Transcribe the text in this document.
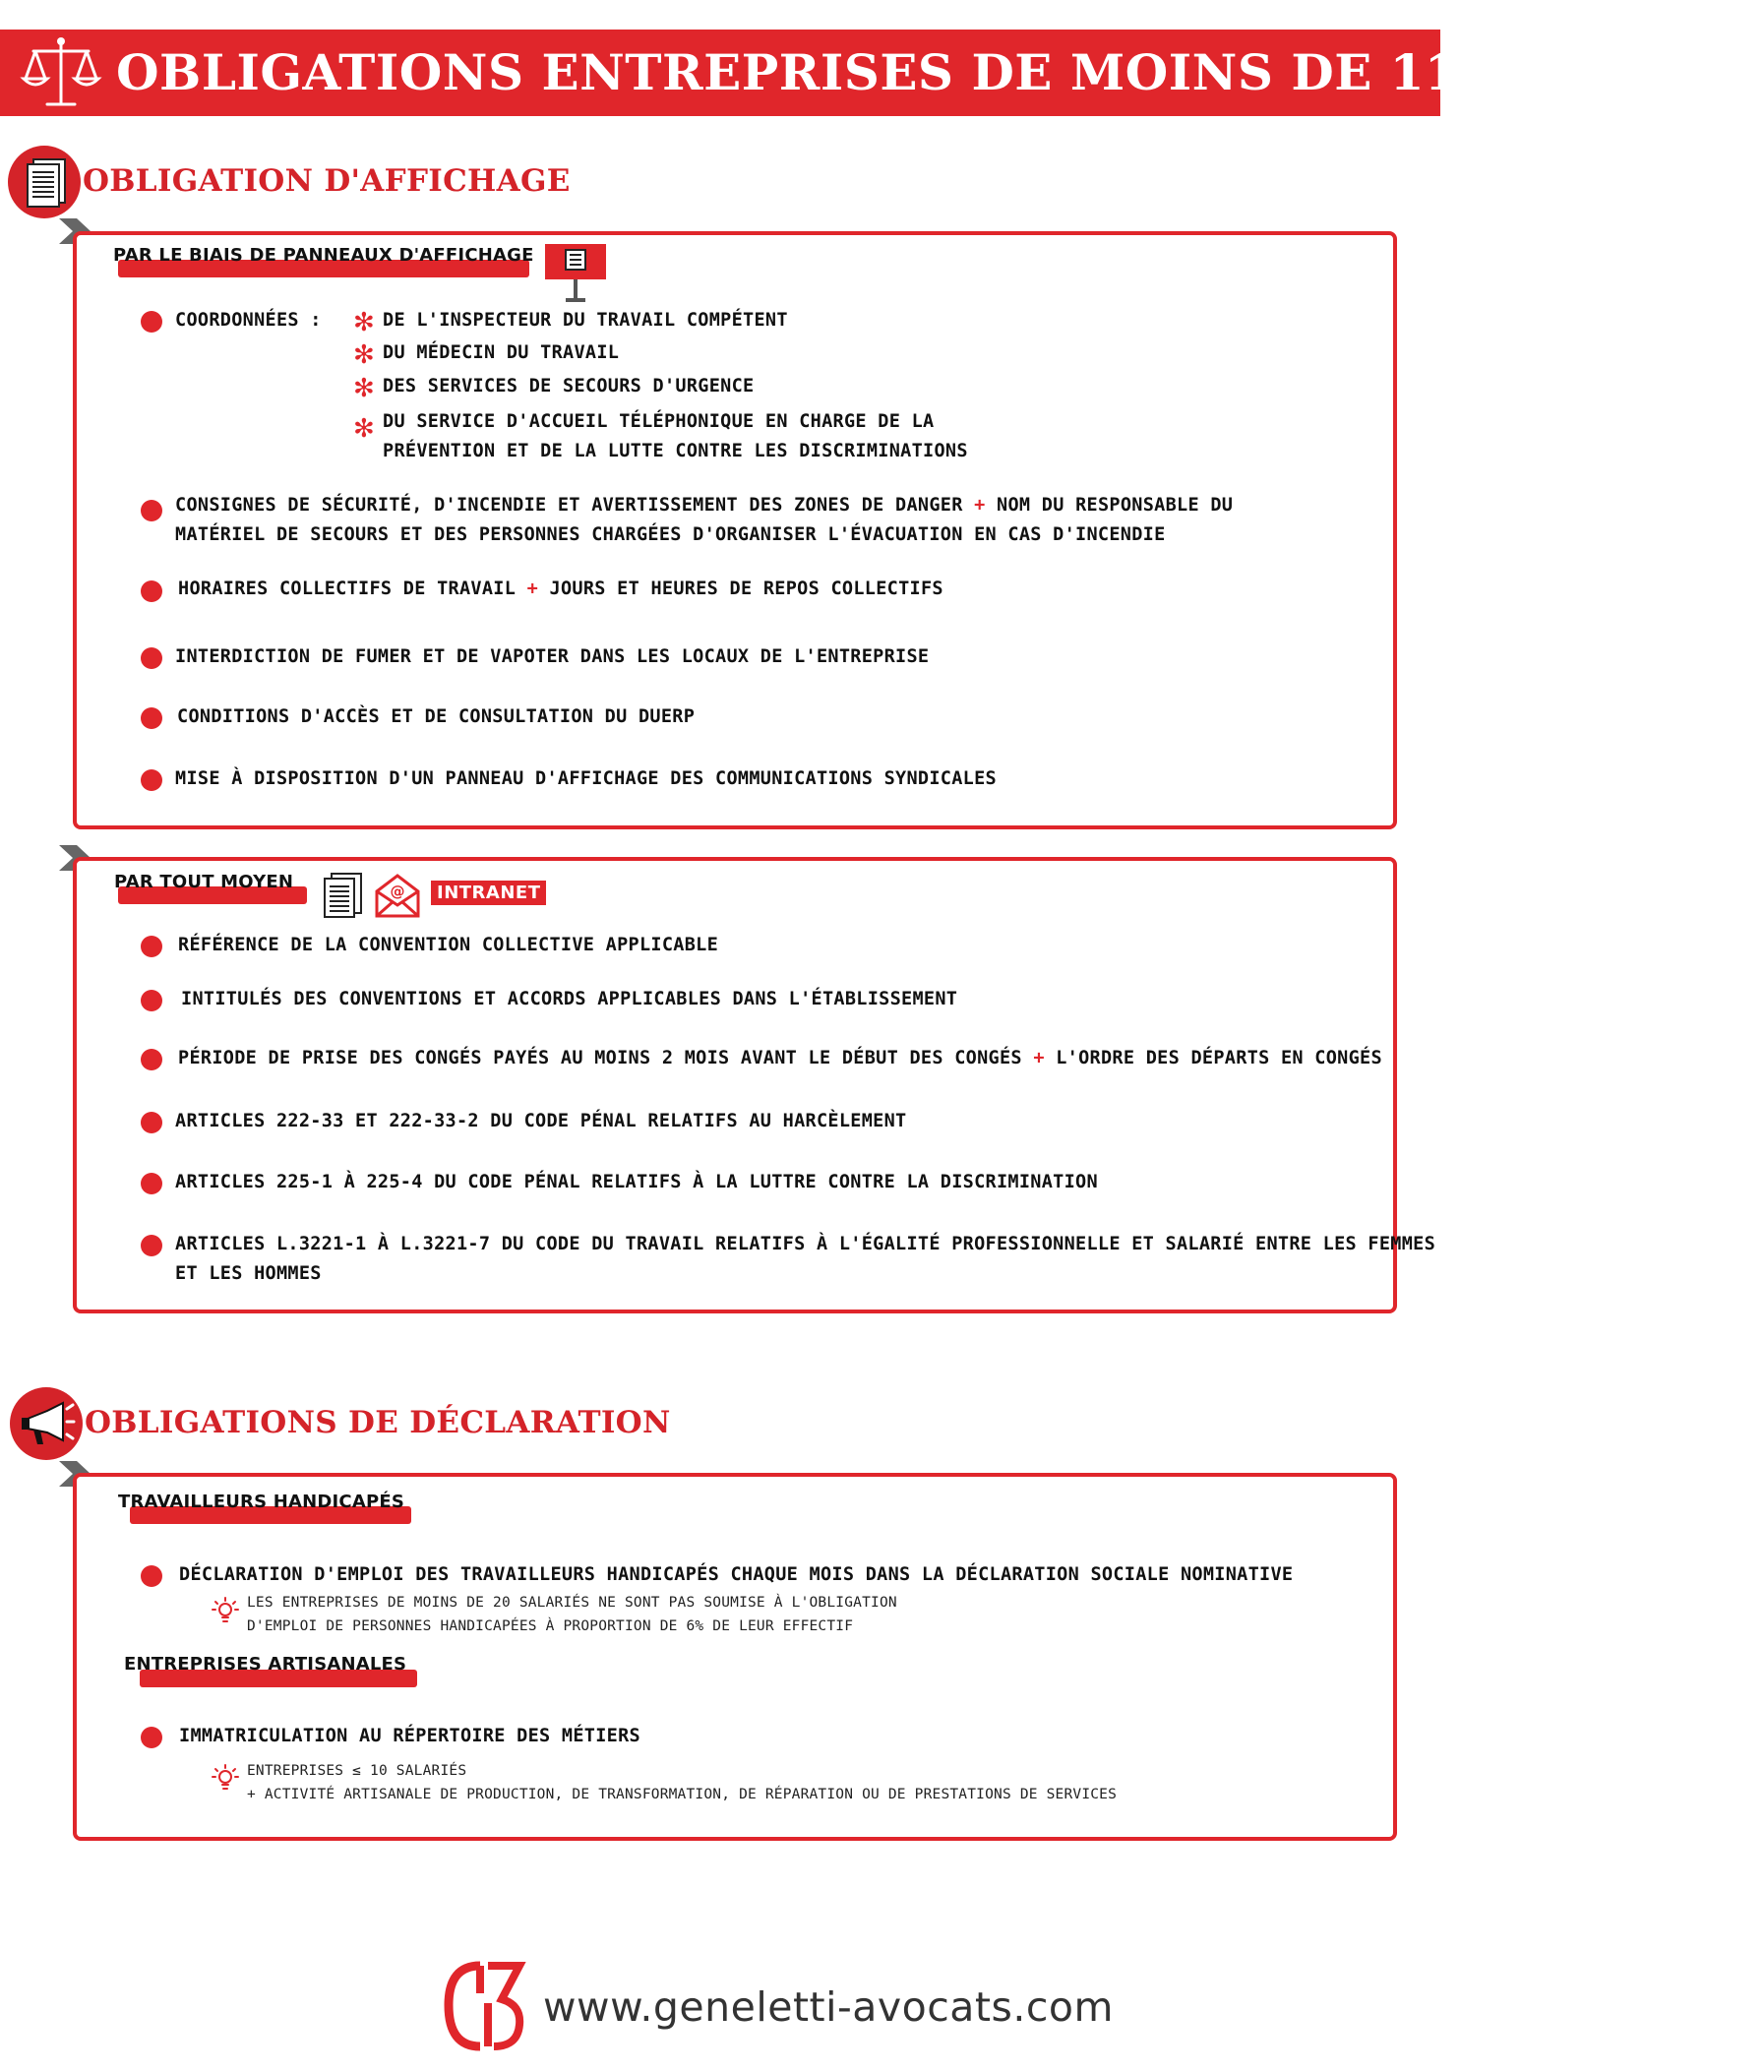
OBLIGATIONS ENTREPRISES DE MOINS DE 11 SALARIÉS
OBLIGATION D'AFFICHAGE
PAR LE BIAIS DE PANNEAUX D'AFFICHAGE
COORDONNÉES : ✻ DE L'INSPECTEUR DU TRAVAIL COMPÉTENT
✻ DU MÉDECIN DU TRAVAIL
✻ DES SERVICES DE SECOURS D'URGENCE
✻ DU SERVICE D'ACCUEIL TÉLÉPHONIQUE EN CHARGE DE LA
PRÉVENTION ET DE LA LUTTE CONTRE LES DISCRIMINATIONS
CONSIGNES DE SÉCURITÉ, D'INCENDIE ET AVERTISSEMENT DES ZONES DE DANGER + NOM DU RESPONSABLE DU
MATÉRIEL DE SECOURS ET DES PERSONNES CHARGÉES D'ORGANISER L'ÉVACUATION EN CAS D'INCENDIE
HORAIRES COLLECTIFS DE TRAVAIL + JOURS ET HEURES DE REPOS COLLECTIFS
INTERDICTION DE FUMER ET DE VAPOTER DANS LES LOCAUX DE L'ENTREPRISE
CONDITIONS D'ACCÈS ET DE CONSULTATION DU DUERP
MISE À DISPOSITION D'UN PANNEAU D'AFFICHAGE DES COMMUNICATIONS SYNDICALES
PAR TOUT MOYEN	@	INTRANET
RÉFÉRENCE DE LA CONVENTION COLLECTIVE APPLICABLE
INTITULÉS DES CONVENTIONS ET ACCORDS APPLICABLES DANS L'ÉTABLISSEMENT
PÉRIODE DE PRISE DES CONGÉS PAYÉS AU MOINS 2 MOIS AVANT LE DÉBUT DES CONGÉS + L'ORDRE DES DÉPARTS EN CONGÉS
ARTICLES 222-33 ET 222-33-2 DU CODE PÉNAL RELATIFS AU HARCÈLEMENT
ARTICLES 225-1 À 225-4 DU CODE PÉNAL RELATIFS À LA LUTTRE CONTRE LA DISCRIMINATION
ARTICLES L.3221-1 À L.3221-7 DU CODE DU TRAVAIL RELATIFS À L'ÉGALITÉ PROFESSIONNELLE ET SALARIÉ ENTRE LES FEMMES
ET LES HOMMES
OBLIGATIONS DE DÉCLARATION
TRAVAILLEURS HANDICAPÉS
DÉCLARATION D'EMPLOI DES TRAVAILLEURS HANDICAPÉS CHAQUE MOIS DANS LA DÉCLARATION SOCIALE NOMINATIVE
LES ENTREPRISES DE MOINS DE 20 SALARIÉS NE SONT PAS SOUMISE À L'OBLIGATION
D'EMPLOI DE PERSONNES HANDICAPÉES À PROPORTION DE 6% DE LEUR EFFECTIF
ENTREPRISES ARTISANALES
IMMATRICULATION AU RÉPERTOIRE DES MÉTIERS
ENTREPRISES ≤ 10 SALARIÉS
+ ACTIVITÉ ARTISANALE DE PRODUCTION, DE TRANSFORMATION, DE RÉPARATION OU DE PRESTATIONS DE SERVICES
www.geneletti-avocats.com
